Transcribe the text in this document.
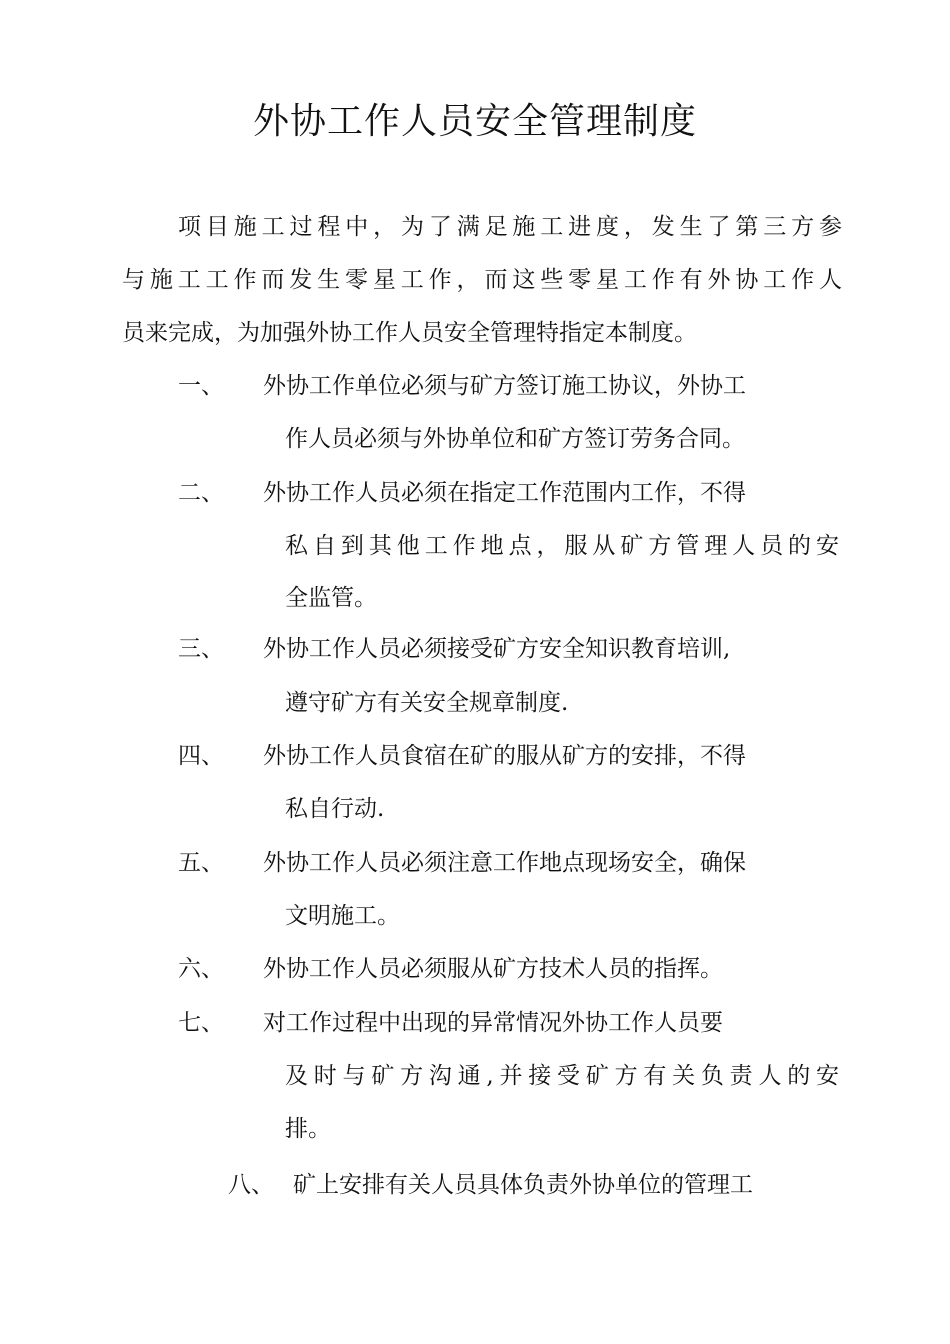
外协工作人员安全管理制度
项目施工过程中，为了满足施工进度，发生了第三方参
与施工工作而发生零星工作，而这些零星工作有外协工作人
员来完成，为加强外协工作人员安全管理特指定本制度。
一、 外协工作单位必须与矿方签订施工协议，外协工
作人员必须与外协单位和矿方签订劳务合同。
二、 外协工作人员必须在指定工作范围内工作，不得
私自到其他工作地点，服从矿方管理人员的安
全监管。
三、 外协工作人员必须接受矿方安全知识教育培训,
遵守矿方有关安全规章制度.
四、 外协工作人员食宿在矿的服从矿方的安排，不得
私自行动.
五、 外协工作人员必须注意工作地点现场安全，确保
文明施工。
六、 外协工作人员必须服从矿方技术人员的指挥。
七、 对工作过程中出现的异常情况外协工作人员要
及时与矿方沟通,并接受矿方有关负责人的安
排。
八、 矿上安排有关人员具体负责外协单位的管理工
